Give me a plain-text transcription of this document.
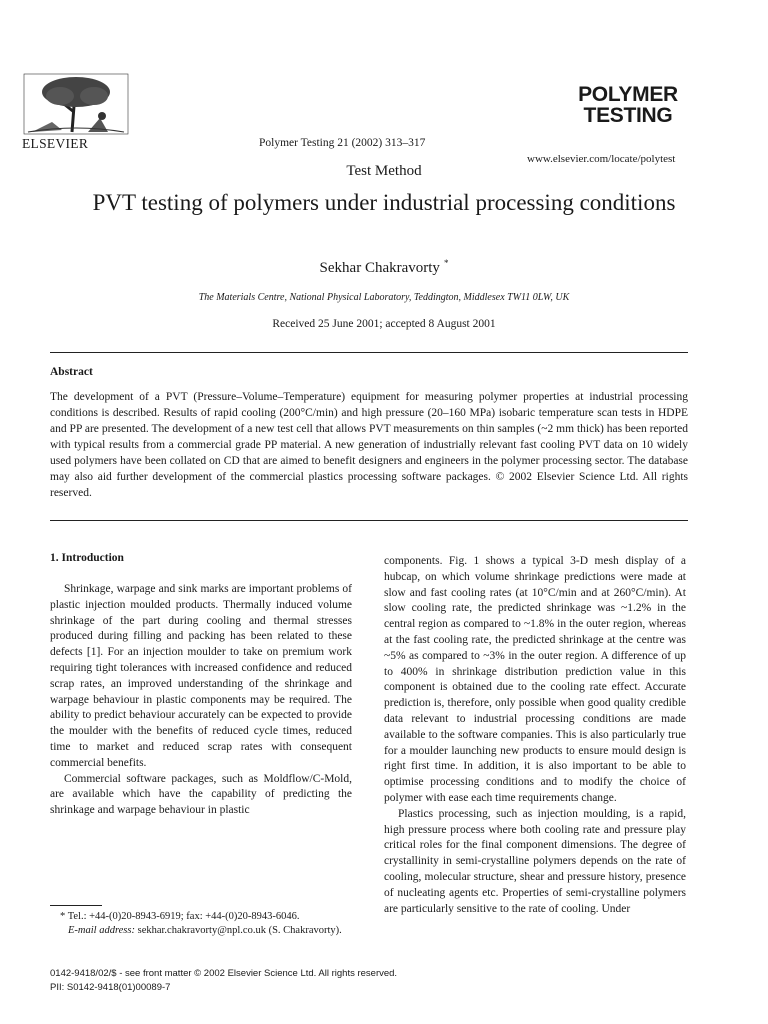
ELSEVIER	Polymer Testing 21 (2002) 313–317
POLYMER
TESTING
www.elsevier.com/locate/polytest
Test Method
PVT testing of polymers under industrial processing conditions
Sekhar Chakravorty *
The Materials Centre, National Physical Laboratory, Teddington, Middlesex TW11 0LW, UK
Received 25 June 2001; accepted 8 August 2001
Abstract
The development of a PVT (Pressure–Volume–Temperature) equipment for measuring polymer properties at industrial processing conditions is described. Results of rapid cooling (200°C/min) and high pressure (20–160 MPa) isobaric temperature scan tests in HDPE and PP are presented. The development of a new test cell that allows PVT measurements on thin samples (~2 mm thick) has been reported with typical results from a commercial grade PP material. A new generation of industrially relevant fast cooling PVT data on 10 widely used polymers have been collated on CD that are aimed to benefit designers and engineers in the polymer processing sector. The database may also aid further development of the commercial plastics processing software packages. © 2002 Elsevier Science Ltd. All rights reserved.
1. Introduction

Shrinkage, warpage and sink marks are important problems of plastic injection moulded products. Thermally induced volume shrinkage of the part during cooling and thermal stresses produced during filling and packing has been related to these defects [1]. For an injection moulder to take on premium work requiring tight tolerances with increased confidence and reduced scrap rates, an improved understanding of the shrinkage and warpage behaviour in plastic components may be required. The ability to predict behaviour accurately can be expected to provide the moulder with the benefits of reduced cycle times, reduced time to market and reduced scrap rates with consequent commercial benefits.

Commercial software packages, such as Moldflow/C-Mold, are available which have the capability of predicting the shrinkage and warpage behaviour in plastic

components. Fig. 1 shows a typical 3-D mesh display of a hubcap, on which volume shrinkage predictions were made at slow and fast cooling rates (at 10°C/min and at 260°C/min). At slow cooling rate, the predicted shrinkage was ~1.2% in the central region as compared to ~1.8% in the outer region, whereas at the fast cooling rate, the predicted shrinkage at the centre was ~5% as compared to ~3% in the outer region. A difference of up to 400% in shrinkage distribution prediction value in this component is obtained due to the cooling rate effect. Accurate prediction is, therefore, only possible when good quality credible data relevant to industrial processing conditions are made available to the software companies. This is also particularly true for a moulder launching new products to ensure mould design is right first time. In addition, it is also important to be able to optimise processing conditions and to modify the choice of polymer with ease each time requirements change.

Plastics processing, such as injection moulding, is a rapid, high pressure process where both cooling rate and pressure play critical roles for the final component dimensions. The degree of crystallinity in semi-crystalline polymers depends on the rate of cooling, molecular structure, shear and pressure history, presence of nucleating agents etc. Properties of semi-crystalline polymers are particularly sensitive to the rate of cooling. Under

* Tel.: +44-(0)20-8943-6919; fax: +44-(0)20-8943-6046.
E-mail address: sekhar.chakravorty@npl.co.uk (S. Chakravorty).
0142-9418/02/$ - see front matter © 2002 Elsevier Science Ltd. All rights reserved.
PII: S0142-9418(01)00089-7
